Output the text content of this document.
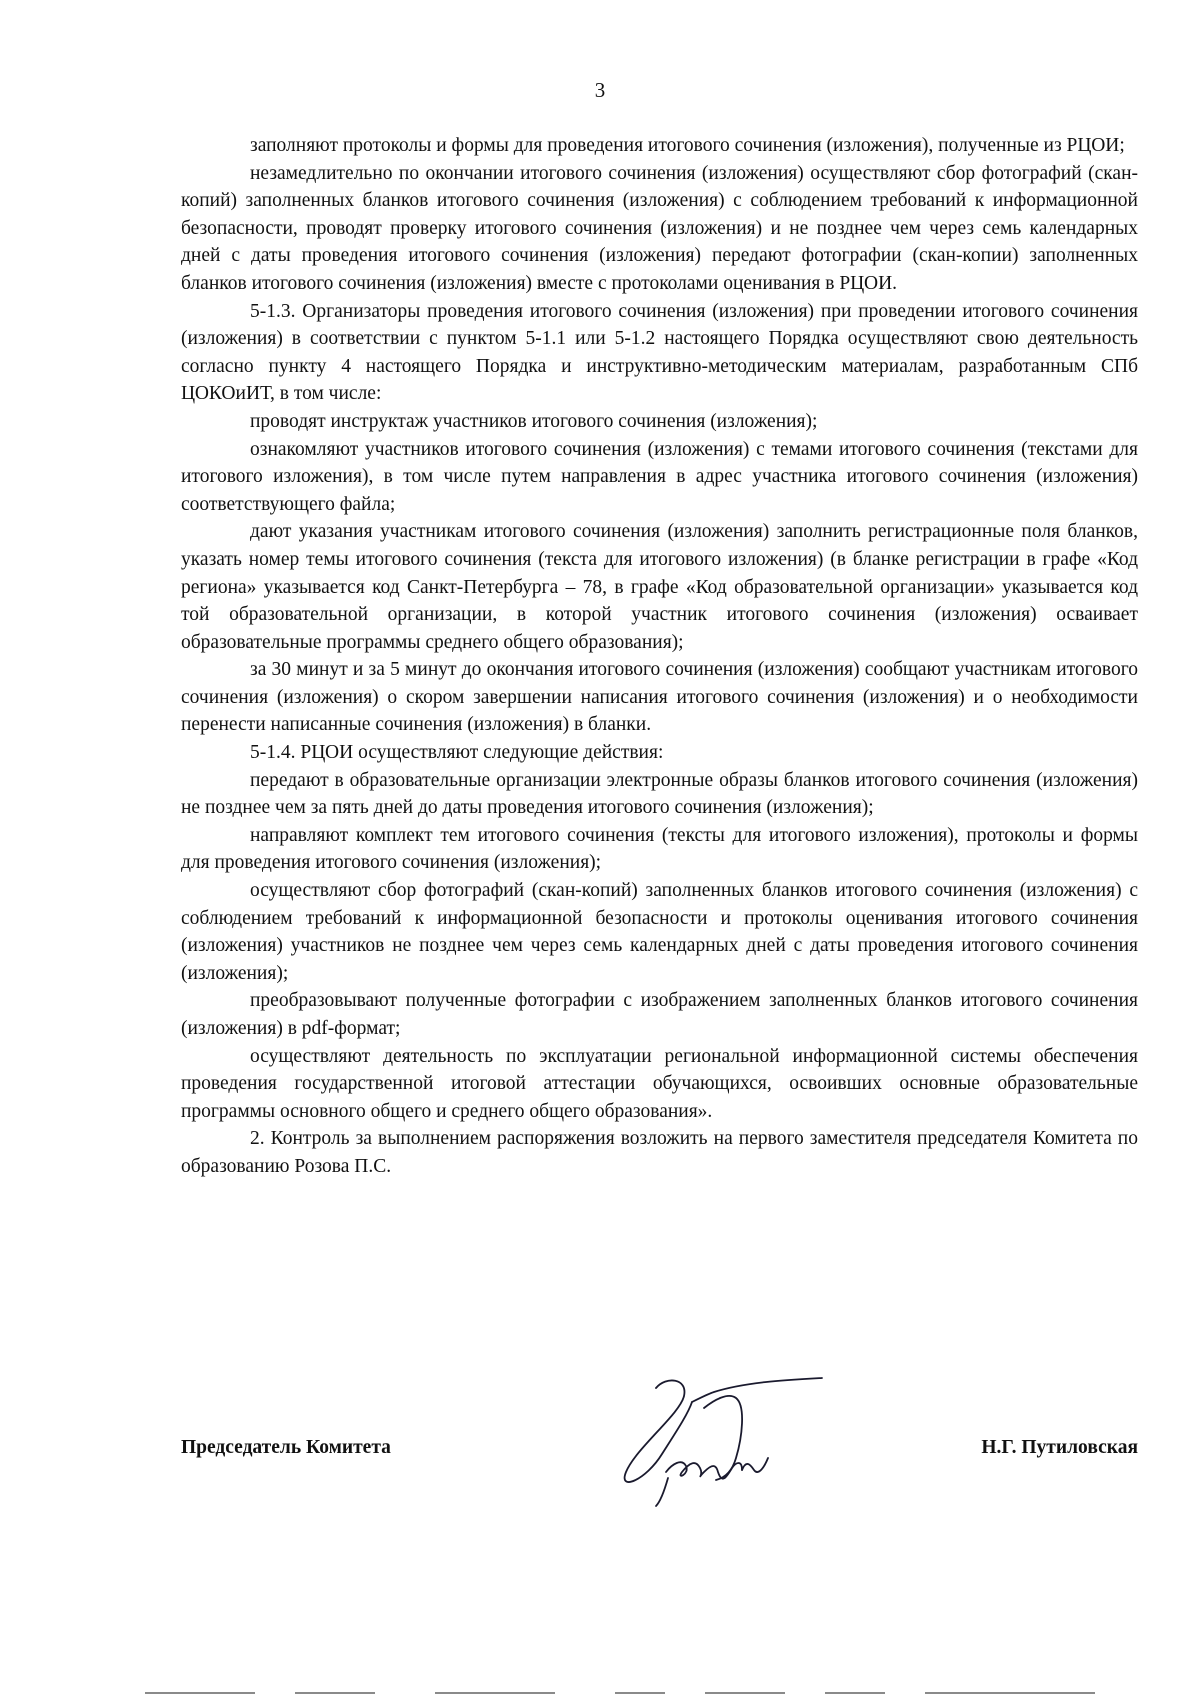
3

заполняют протоколы и формы для проведения итогового сочинения (изложения), полученные из РЦОИ;

незамедлительно по окончании итогового сочинения (изложения) осуществляют сбор фотографий (скан-копий) заполненных бланков итогового сочинения (изложения) с соблюдением требований к информационной безопасности, проводят проверку итогового сочинения (изложения) и не позднее чем через семь календарных дней с даты проведения итогового сочинения (изложения) передают фотографии (скан-копии) заполненных бланков итогового сочинения (изложения) вместе с протоколами оценивания в РЦОИ.

5-1.3. Организаторы проведения итогового сочинения (изложения) при проведении итогового сочинения (изложения) в соответствии с пунктом 5-1.1 или 5-1.2 настоящего Порядка осуществляют свою деятельность согласно пункту 4 настоящего Порядка и инструктивно-методическим материалам, разработанным СПб ЦОКОиИТ, в том числе:

проводят инструктаж участников итогового сочинения (изложения);

ознакомляют участников итогового сочинения (изложения) с темами итогового сочинения (текстами для итогового изложения), в том числе путем направления в адрес участника итогового сочинения (изложения) соответствующего файла;

дают указания участникам итогового сочинения (изложения) заполнить регистрационные поля бланков, указать номер темы итогового сочинения (текста для итогового изложения) (в бланке регистрации в графе «Код региона» указывается код Санкт-Петербурга – 78, в графе «Код образовательной организации» указывается код той образовательной организации, в которой участник итогового сочинения (изложения) осваивает образовательные программы среднего общего образования);

за 30 минут и за 5 минут до окончания итогового сочинения (изложения) сообщают участникам итогового сочинения (изложения) о скором завершении написания итогового сочинения (изложения) и о необходимости перенести написанные сочинения (изложения) в бланки.

5-1.4. РЦОИ осуществляют следующие действия:

передают в образовательные организации электронные образы бланков итогового сочинения (изложения) не позднее чем за пять дней до даты проведения итогового сочинения (изложения);

направляют комплект тем итогового сочинения (тексты для итогового изложения), протоколы и формы для проведения итогового сочинения (изложения);

осуществляют сбор фотографий (скан-копий) заполненных бланков итогового сочинения (изложения) с соблюдением требований к информационной безопасности и протоколы оценивания итогового сочинения (изложения) участников не позднее чем через семь календарных дней с даты проведения итогового сочинения (изложения);

преобразовывают полученные фотографии с изображением заполненных бланков итогового сочинения (изложения) в pdf-формат;

осуществляют деятельность по эксплуатации региональной информационной системы обеспечения проведения государственной итоговой аттестации обучающихся, освоивших основные образовательные программы основного общего и среднего общего образования».

2. Контроль за выполнением распоряжения возложить на первого заместителя председателя Комитета по образованию Розова П.С.

Председатель Комитета	Н.Г. Путиловская
